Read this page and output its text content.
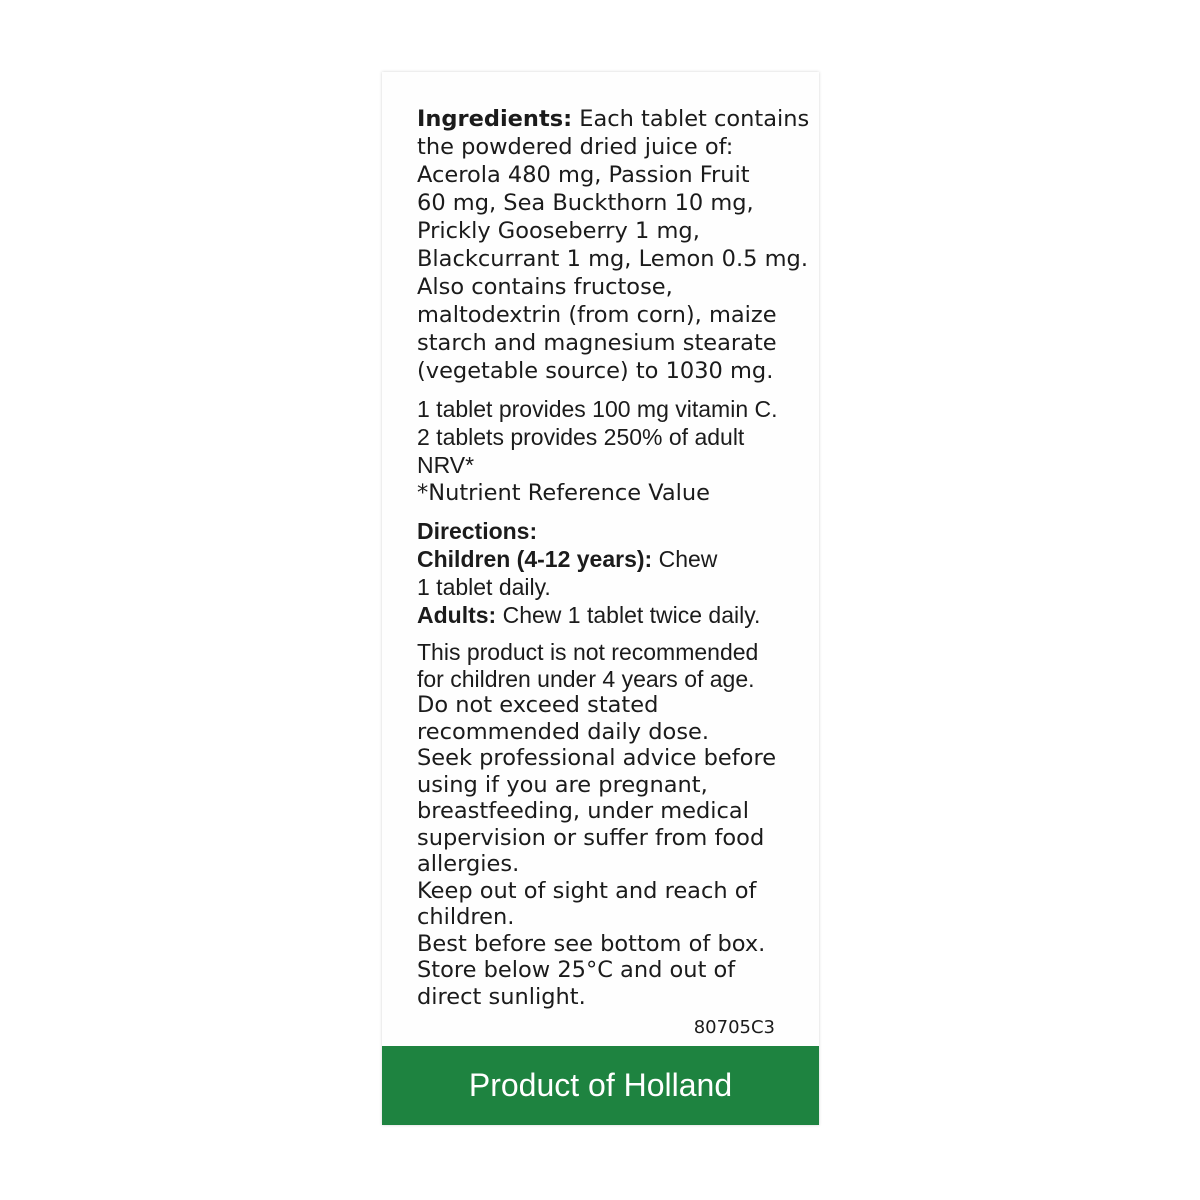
Ingredients: Each tablet contains

the powdered dried juice of:

Acerola 480 mg, Passion Fruit

60 mg, Sea Buckthorn 10 mg,

Prickly Gooseberry 1 mg,

Blackcurrant 1 mg, Lemon 0.5 mg.

Also contains fructose,

maltodextrin (from corn), maize

starch and magnesium stearate

(vegetable source) to 1030 mg.

1 tablet provides 100 mg vitamin C.

2 tablets provides 250% of adult

NRV*

*Nutrient Reference Value

Directions:

Children (4-12 years): Chew

1 tablet daily.

Adults: Chew 1 tablet twice daily.

This product is not recommended

for children under 4 years of age.

Do not exceed stated

recommended daily dose.

Seek professional advice before

using if you are pregnant,

breastfeeding, under medical

supervision or suffer from food

allergies.

Keep out of sight and reach of

children.

Best before see bottom of box.

Store below 25°C and out of

direct sunlight.

80705C3
Product of Holland
